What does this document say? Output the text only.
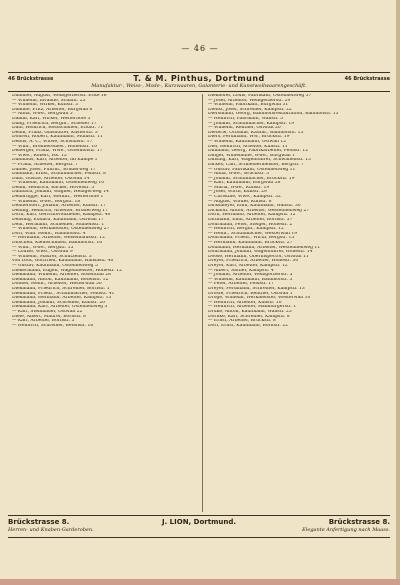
— 46 —
46 Brückstrasse	T. & M. Pinthus, Dortmund	46 Brückstrasse
Manufaktur-, Weiss-, Mode-, Kurzwaaren, Galanterie- und Kunstwollwaarengeschäft.
Dammer, August, Weißgerberstr. Ecke 16
— Wilhelm, Invalide, Schäfft. 23
— Wilhelm, Wirker, Kuhstr. 3
Damme, Fritz, Arbeiter, Burgwall 6
— Anna, Wwe., Bergwall 5
Damm, Karl, Wirker, Westerhöfe 3
Dang, Friedrich, Bergm., Scheuer 17
Daul, Heinrich, Rostschmied, Eckstr. 71
Dehm, Franz, Glashütter, Küsterstr. 3
Dohren, Robert, Kaufmann, Mühlstr. 11
Debus, A. C., Witwe, Schwanstr. 17
— Wilh., Brennereibes., Hohenstr. 10
Deberger, Franz, Wwe., Ostenhofstr. 17
— Wwe., Robert, Hs. 15
Dahlhaus, Karl, Arbeiter, im Kampe 1
— Franz, Arbeiter, Bergstr. 7
Daniel, Josef, Fuhrm., Brüderweg 17
Dalmann, Ernst, Schuhmacher, Feldstr. 8
Dahl, Gustav, Arbeiter, Ostwall 14
— Wilhelm, Kaufmann, Ostenhellweg 10
Dehm, Heinrich, Bäcker, Hövelstr. 5
Daubach, Johann, Wagner, Heiligerweg 14
Dellbrügge, Karl, Werkm., Westerhöfe 1
— Wilhelm, Wwe., Bergstr. 18
Dehnerstert, Johann, Arbeiter, Kuhstr. 17
Delling, Heinrich, Arbeiter, Brüderweg 17
Dorn, Karl, Gerichtsvollzieher, Kampstr. 40
Densing, Eduard, Kaufmann, Ostwall 17
Dehl, Hermann, Schneider, Mühlenstr. 1
— Wilhelm, Werkmeister, Ostenhellweg 27
Dorf, Wilh. Heinr., Bahnhofstr. 4
— Hermann, Arbeiter, Weisenhausstr. 12
Ditschen, Kleinschmied, Bahnhofstr. 16
— Wilh., Wwe., Bergstr. 15
— Louise, Wwe., Ostwall 9
— Wilhelm, Maurer, Schützenstr. 3
von Dick, Gottfried, Kaufmann, Hansastr. 40
— Gustav, Kaufmann, Ostenhellweg 5
Diekermann, Eugen, Wagenmeister, Hohestr. 12
Diekmann, Wilhelm, Arbeiter, Rosenthal 28
Diekmann, Anton, Kaufmann, Betenstr. 12
Dobbel, Heinr., Arbeiter, Westerwall 50
Diekmann, Friedrich, Schreiner, Bornstr. 1
Diekmann, Friedr., Schuhmacher, Feldstr. 41
Diekmann, Hermann, Arbeiter, Kampstr. 13
Diekmann, Johann, Schreiner, Kuhstr. 20
Diekmann, Karl, Arbeiter, Ostenhellweg 3
— Karl, Steinhauer, Ostwall 22
Diele, Albert, Maurer, Bornstr. 8
— Karl, Arbeiter, Bornstr. 5
— Heinrich, Schreiner, Betenstr. 16
Diekhöfer, Louis, Fabrikant, Ostenhellweg 37
— Josef, Arbeiter, Weißgerberstr. 29
— Wilhelm, Fabrikant, Burgwall 31
Dienst, Josef, Schreiner, Kampstr. 22
Diersmann, Georg, Bahnhofsrestauration, Bahnhofstr. 13
— Heinrich, Fabrikant, Wallstr. 5
— Johann, Schuhmacher, Kampstr. 19
— Wilhelm, Rentner, Ostwall 20
Dieterle, Ottomar, Kaufm., Bahnhofstr. 15
Diers, Ferdinand, Ww., Brückstr. 19
— Wilhelm, Kaufmann, Ostwall 12
Diel, Heinrich, Arbeiter, Kuhstr. 11
Dillmann, Georg, Fabrikarbeiter, Feldstr. 12
Dinger, Wilhelmine, Wwe., Burgwall 1
Dinsing, Karl, Wagenführer, Schwanenstr. 13
Dirkes, Carl, Schneidermeister, Bergstr. 7
— Gustav, Fabrikant, Ostenhellweg 11
— Anna, Wwe., Brückstr. 3
— Johann, Schuhmacher, Brückstr. 19
— Karl, Kaufmann, Burgwall 28
— Maria, Wwe., Kuhstr. 19
— Josef, Wirth, Kuhstr. 29
— Christine, Wwe., Kampstr. 32
— August, Wirker, Kuhstr. 8
Dirksmeyer, Emil, Kaufmann, Wallstr. 30
Dickhoff, Anton, Arbeiter, Westenhellweg 27
Dorn, Hermann, Arbeiter, Kampstr. 12
Dittmann, Emil, Arbeiter, Bornstr. 57
Dohrmann, Peter, Steiger, Hohestr. 2
— Heinrich, Bergm., Kampstr. 12
— Heinr., Schuhmacher, Westerwall 19
Dohrmann, Friedr., Wirth, Bergstr. 15
— Hermann, Kaufmann, Brückstr. 27
Dohmann, Hermann, Arbeiter, Westenhellweg 11
Dohrmann, Johann, Wagenführer, Hohestr. 14
Doose, Hermann, Oberinspector, Ostwall 11
Dreyer, Friedrich, Arbeiter, Hohestr. 30
Dreyer, Karl, Arbeiter, Kampstr. 12
— Albert, Sattler, Kampstr. 4
— Johann, Arbeiter, Weißgerberstr. 5
— Wilhelm, Kaufmann, Bahnhofstr. 5
— Peter, Arbeiter, Feldstr. 17
Dreyer, Ferdinand, Schreiner, Kampstr. 13
Droste, Friedrich, Rentner, Ostwall 1
Dröge, Wilhelm, Werkmeister, Westerwall 10
— Heinrich, Arbeiter, Kuhstr. 10
— Heinrich, Arbeiter, Hamburgerstr. 1
Drüke, Anton, Kaufmann, Wallstr. 23
Dörnke, Karl, Schreiner, Kampstr. 8
— Ernst, Arbeiter, Brückstr. 8
Dörr, Ernst, Kaufmann, Bornstr. 22
Brückstrasse 8.	J. LION, Dortmund.	Brückstrasse 8.
Herren- und Knaben-Garderoben.	Elegante Anfertigung nach Maass.
